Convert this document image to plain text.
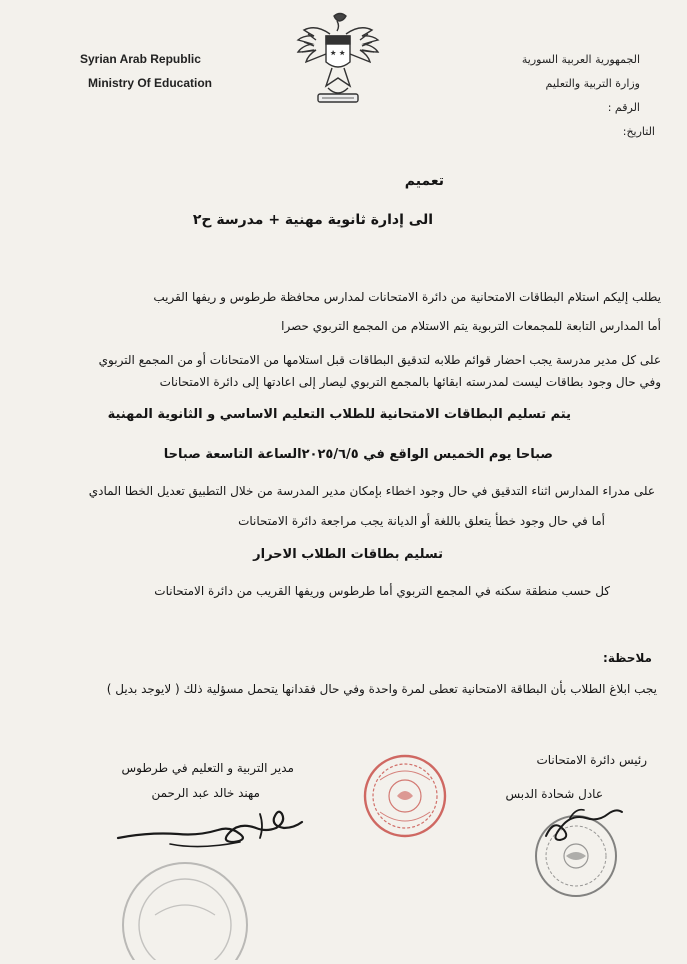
Syrian Arab Republic
Ministry Of Education
الجمهورية العربية السورية
وزارة التربية والتعليم
الرقم :
التاريخ:
تعميم
الى إدارة ثانوية مهنية + مدرسة ح٢
يطلب إليكم استلام البطاقات الامتحانية من دائرة الامتحانات لمدارس محافظة طرطوس و ريفها القريب
أما المدارس التابعة للمجمعات التربوية يتم الاستلام من المجمع التربوي حصرا
على كل مدير مدرسة يجب احضار قوائم طلابه لتدقيق البطاقات قبل استلامها من الامتحانات أو من المجمع التربوي
وفي حال وجود بطاقات ليست لمدرسته ابقائها بالمجمع التربوي ليصار إلى اعادتها إلى دائرة الامتحانات
يتم تسليم البطاقات الامتحانية للطلاب التعليم الاساسي و الثانوية المهنية
صباحا يوم الخميس الواقع في ٢٠٢٥/٦/٥الساعة التاسعة صباحا
على مدراء المدارس اثناء التدقيق في حال وجود اخطاء بإمكان مدير المدرسة من خلال التطبيق تعديل الخطا المادي
أما في حال وجود خطأ يتعلق باللغة أو الديانة يجب مراجعة دائرة الامتحانات
تسليم بطاقات الطلاب الاحرار
كل حسب منطقة سكنه في المجمع التربوي أما طرطوس وريفها القريب من دائرة الامتحانات
ملاحظة:
يجب ابلاغ الطلاب بأن البطاقة الامتحانية تعطى لمرة واحدة وفي حال فقدانها يتحمل مسؤلية ذلك ( لايوجد بديل )
مدير التربية و التعليم في طرطوس
مهند خالد عبد الرحمن
رئيس دائرة الامتحانات
عادل شحادة الدبس
